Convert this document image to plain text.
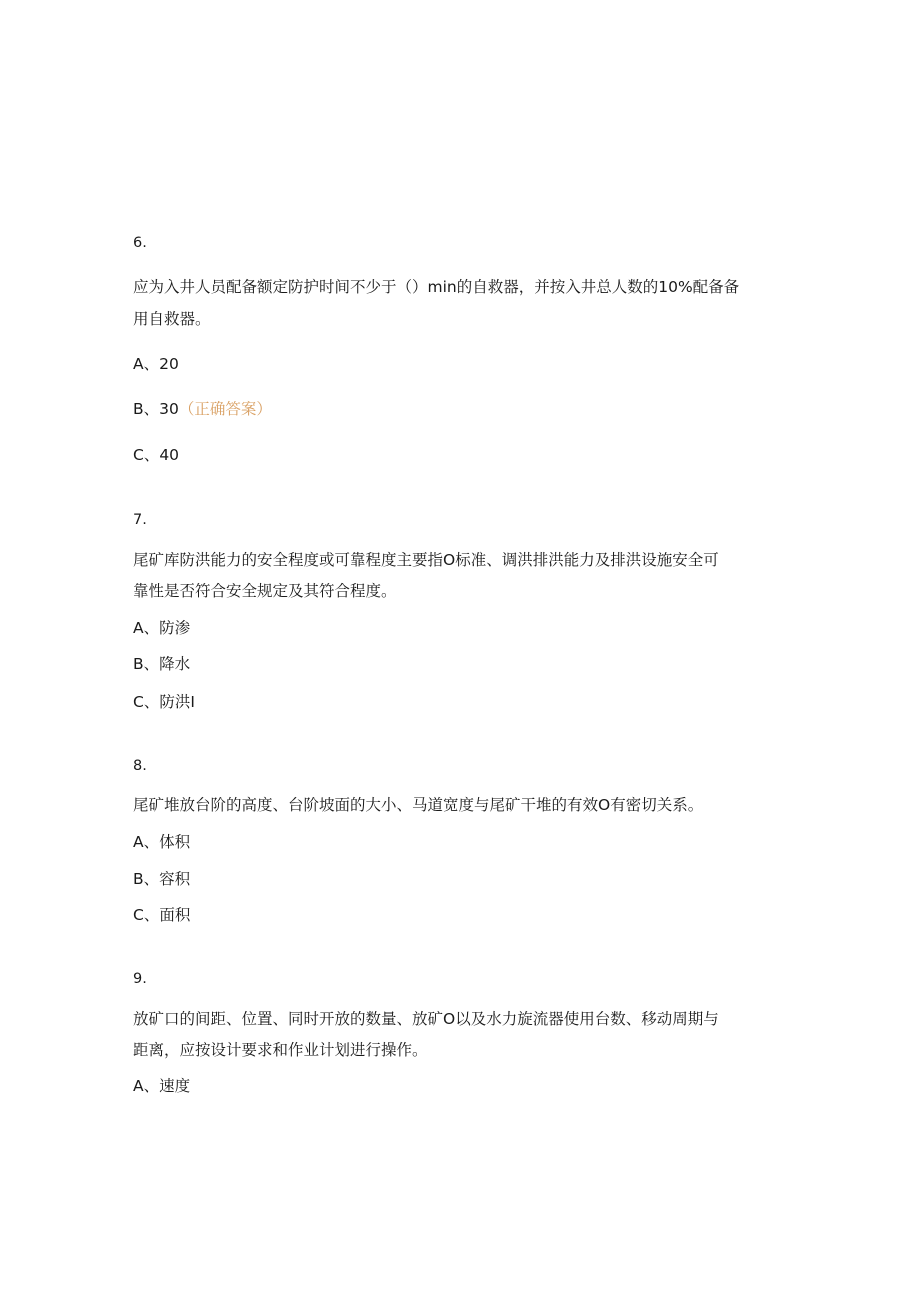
6.
应为入井人员配备额定防护时间不少于（）min的自救器，并按入井总人数的10%配备备
用自救器。
A、20
B、30（正确答案）
C、40
7.
尾矿库防洪能力的安全程度或可靠程度主要指O标准、调洪排洪能力及排洪设施安全可
靠性是否符合安全规定及其符合程度。
A、防渗
B、降水
C、防洪I
8.
尾矿堆放台阶的高度、台阶坡面的大小、马道宽度与尾矿干堆的有效O有密切关系。
A、体积
B、容积
C、面积
9.
放矿口的间距、位置、同时开放的数量、放矿O以及水力旋流器使用台数、移动周期与
距离，应按设计要求和作业计划进行操作。
A、速度
